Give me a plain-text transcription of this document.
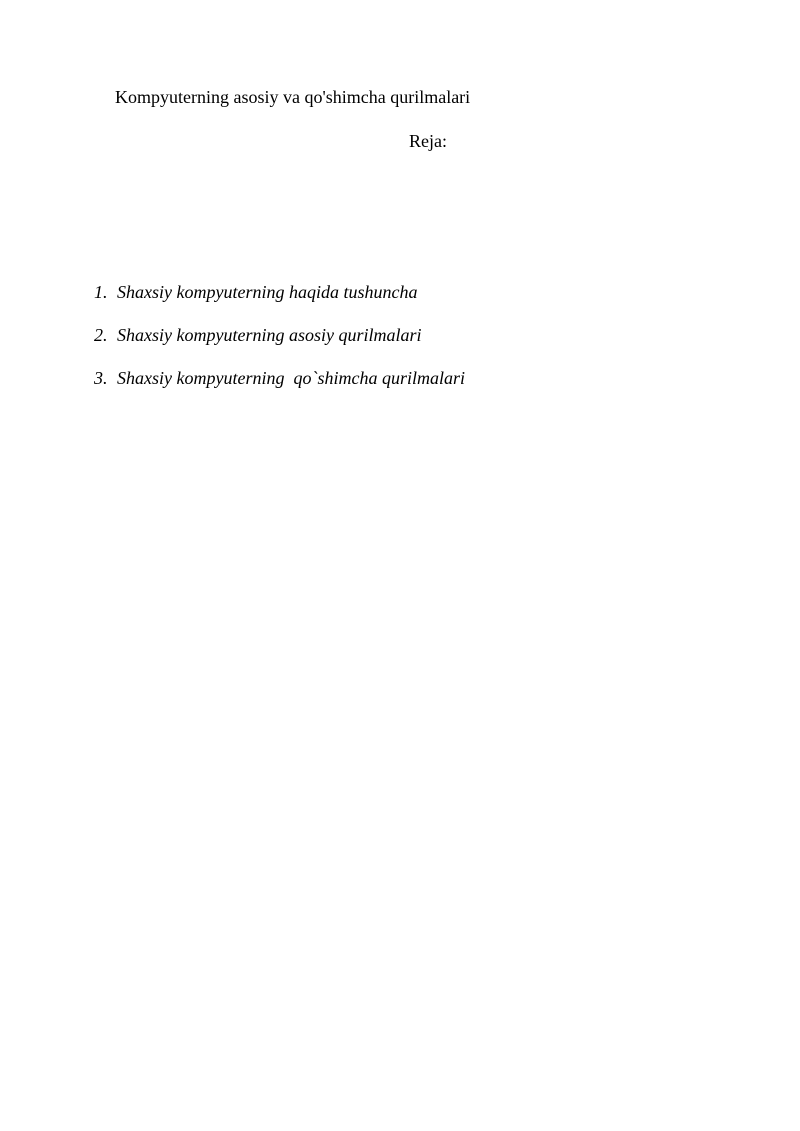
Kompyuterning asosiy va qo'shimcha qurilmalari
Reja:

1. Shaxsiy kompyuterning haqida tushuncha

2. Shaxsiy kompyuterning asosiy qurilmalari

3. Shaxsiy kompyuterning  qo`shimcha qurilmalari
